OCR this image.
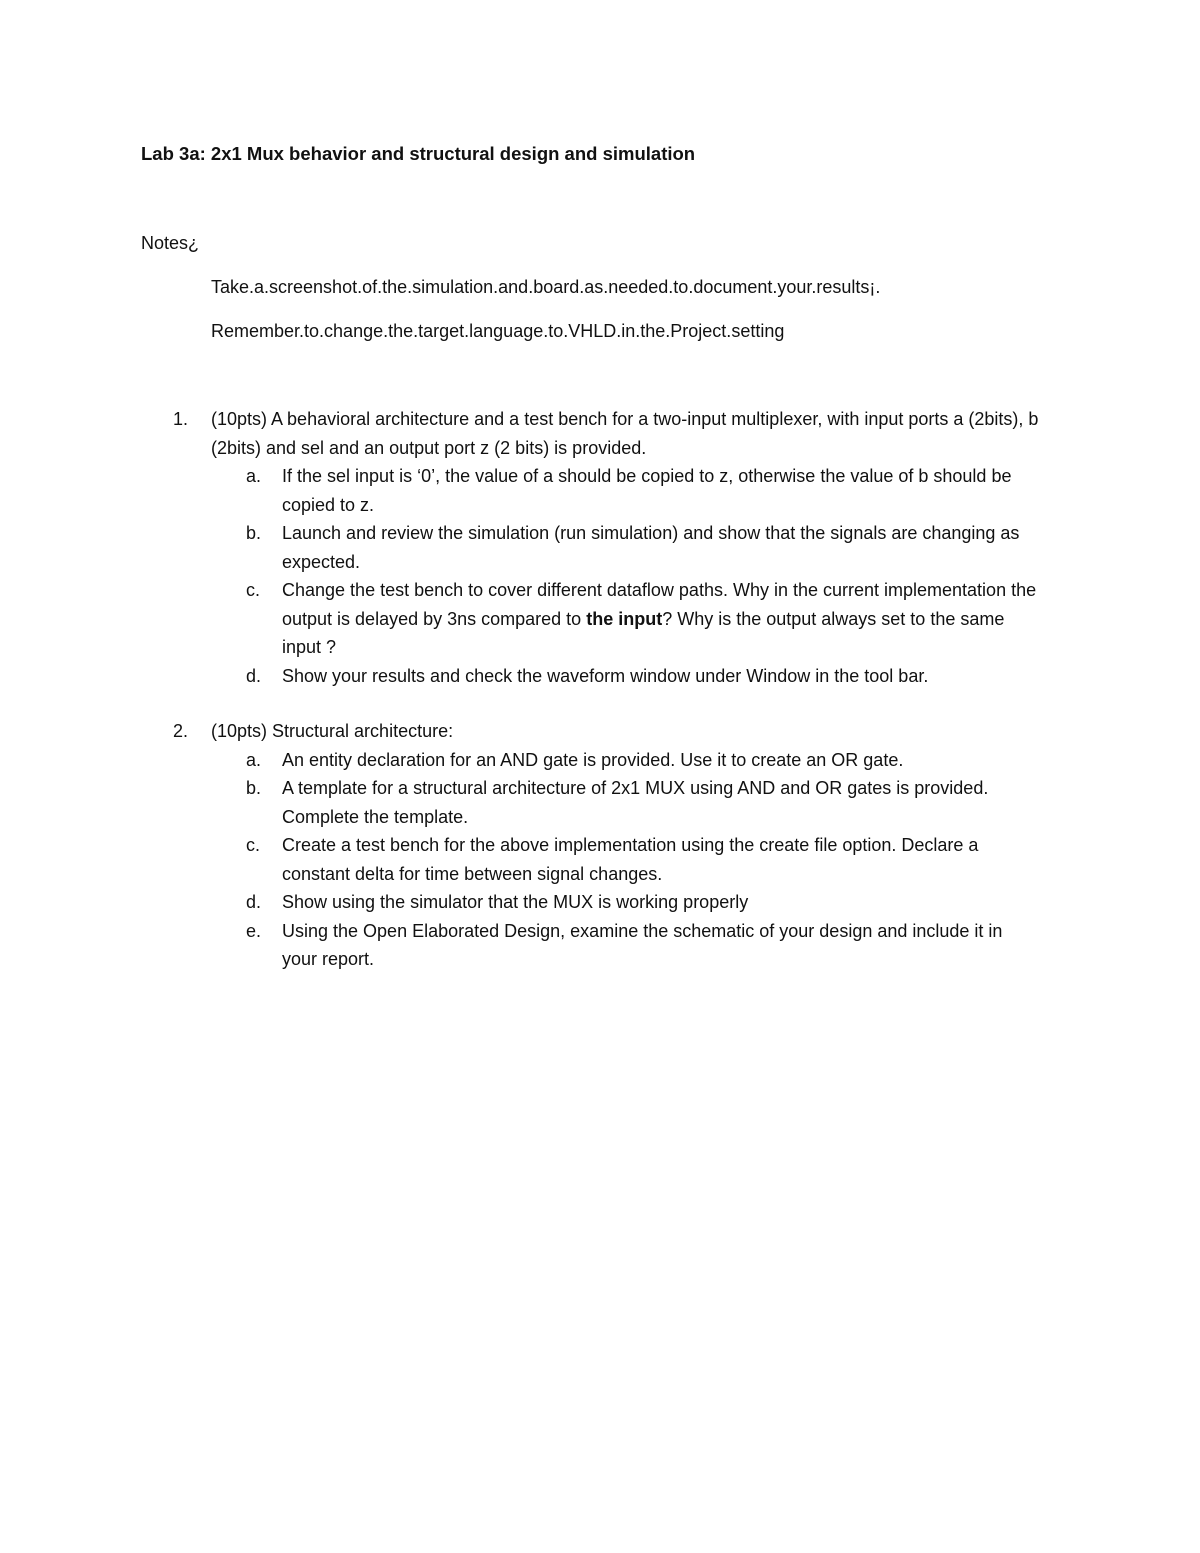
Lab 3a: 2x1 Mux behavior and structural design and simulation
Notes¿
Take.a.screenshot.of.the.simulation.and.board.as.needed.to.document.your.results¡.
Remember.to.change.the.target.language.to.VHLD.in.the.Project.setting
1. (10pts) A behavioral architecture and a test bench for a two-input multiplexer, with input ports a (2bits), b (2bits) and sel and an output port z (2 bits) is provided.

a.	If the sel input is ‘0’, the value of a should be copied to z, otherwise the value of b should be copied to z.
b.	Launch and review the simulation (run simulation) and show that the signals are changing as expected.
c.	Change the test bench to cover different dataflow paths. Why in the current implementation the output is delayed by 3ns compared to the input? Why is the output always set to the same input ?
d.	Show your results and check the waveform window under Window in the tool bar.
2. (10pts) Structural architecture:

a.	An entity declaration for an AND gate is provided. Use it to create an OR gate.
b.	A template for a structural architecture of 2x1 MUX using AND and OR gates is provided. Complete the template.
c.	Create a test bench for the above implementation using the create file option. Declare a constant delta for time between signal changes.
d.	Show using the simulator that the MUX is working properly
e.	Using the Open Elaborated Design, examine the schematic of your design and include it in your report.
